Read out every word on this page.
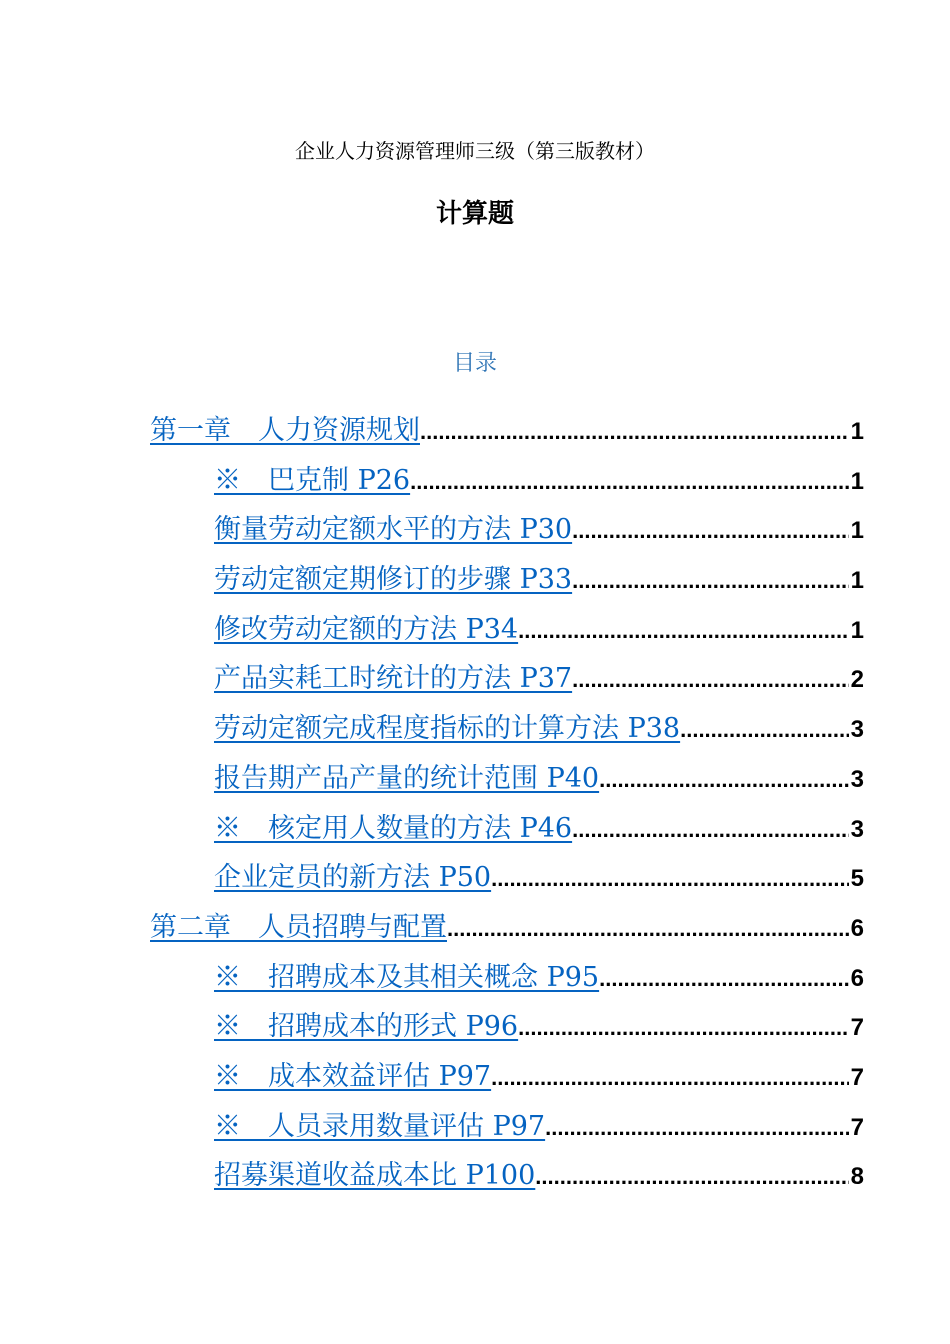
企业人力资源管理师三级（第三版教材）
计算题
目录
第一章　人力资源规划 .....	1
※　巴克制 P26 .....	1
衡量劳动定额水平的方法 P30 .....	1
劳动定额定期修订的步骤 P33 .....	1
修改劳动定额的方法 P34 .....	1
产品实耗工时统计的方法 P37 .....	2
劳动定额完成程度指标的计算方法 P38 .....	3
报告期产品产量的统计范围 P40 .....	3
※　核定用人数量的方法 P46 .....	3
企业定员的新方法 P50 .....	5
第二章　人员招聘与配置 .....	6
※　招聘成本及其相关概念 P95 .....	6
※　招聘成本的形式 P96 .....	7
※　成本效益评估 P97 .....	7
※　人员录用数量评估 P97 .....	7
招募渠道收益成本比 P100 .....	8
